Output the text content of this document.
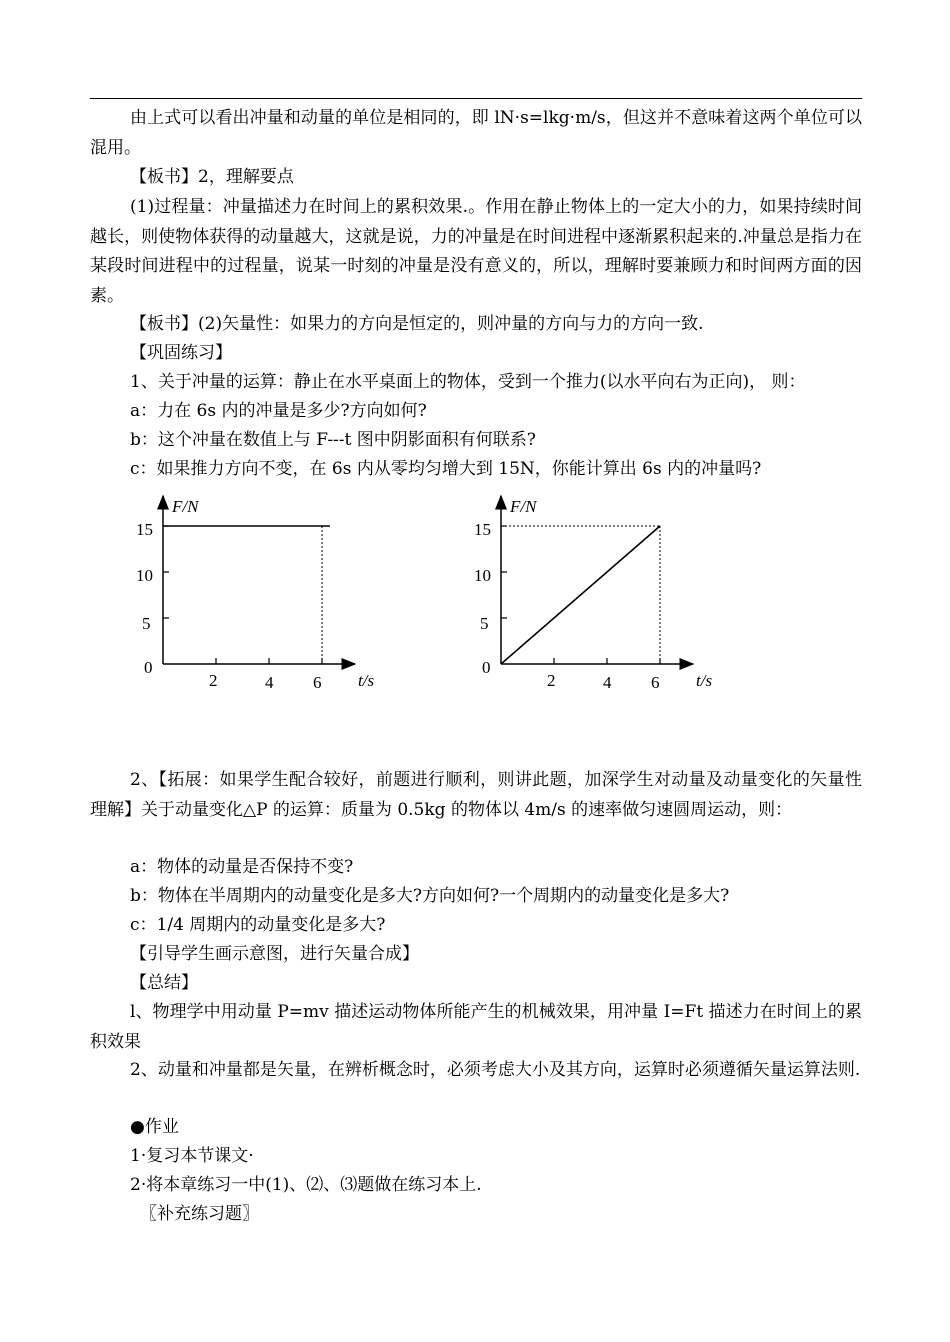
由上式可以看出冲量和动量的单位是相同的，即 lN·s=lkg·m/s，但这并不意味着这两个单位可以混用。

【板书】2，理解要点

(1)过程量：冲量描述力在时间上的累积效果.。作用在静止物体上的一定大小的力，如果持续时间越长，则使物体获得的动量越大，这就是说，力的冲量是在时间进程中逐渐累积起来的.冲量总是指力在某段时间进程中的过程量，说某一时刻的冲量是没有意义的，所以，理解时要兼顾力和时间两方面的因素。

【板书】(2)矢量性：如果力的方向是恒定的，则冲量的方向与力的方向一致.

【巩固练习】

1、关于冲量的运算：静止在水平桌面上的物体，受到一个推力(以水平向右为正向)， 则：

a：力在 6s 内的冲量是多少?方向如何?

b：这个冲量在数值上与 F---t 图中阴影面积有何联系?

c：如果推力方向不变，在 6s 内从零均匀增大到 15N，你能计算出 6s 内的冲量吗?

F/N
t/s
15
10
5
0
2	4 6
F/N
t/s
15
10
5
0
2	4 6

2、【拓展：如果学生配合较好，前题进行顺利，则讲此题，加深学生对动量及动量变化的矢量性理解】关于动量变化△P 的运算：质量为 0.5kg 的物体以 4m/s 的速率做匀速圆周运动，则：

a：物体的动量是否保持不变?

b：物体在半周期内的动量变化是多大?方向如何?一个周期内的动量变化是多大?

c：1/4 周期内的动量变化是多大?

【引导学生画示意图，进行矢量合成】

【总结】

l、物理学中用动量 P=mv 描述运动物体所能产生的机械效果，用冲量 I=Ft 描述力在时间上的累积效果

2、动量和冲量都是矢量，在辨析概念时，必须考虑大小及其方向，运算时必须遵循矢量运算法则.

●作业

1·复习本节课文·

2·将本章练习一中(1)、⑵、⑶题做在练习本上.

〖补充练习题〗
